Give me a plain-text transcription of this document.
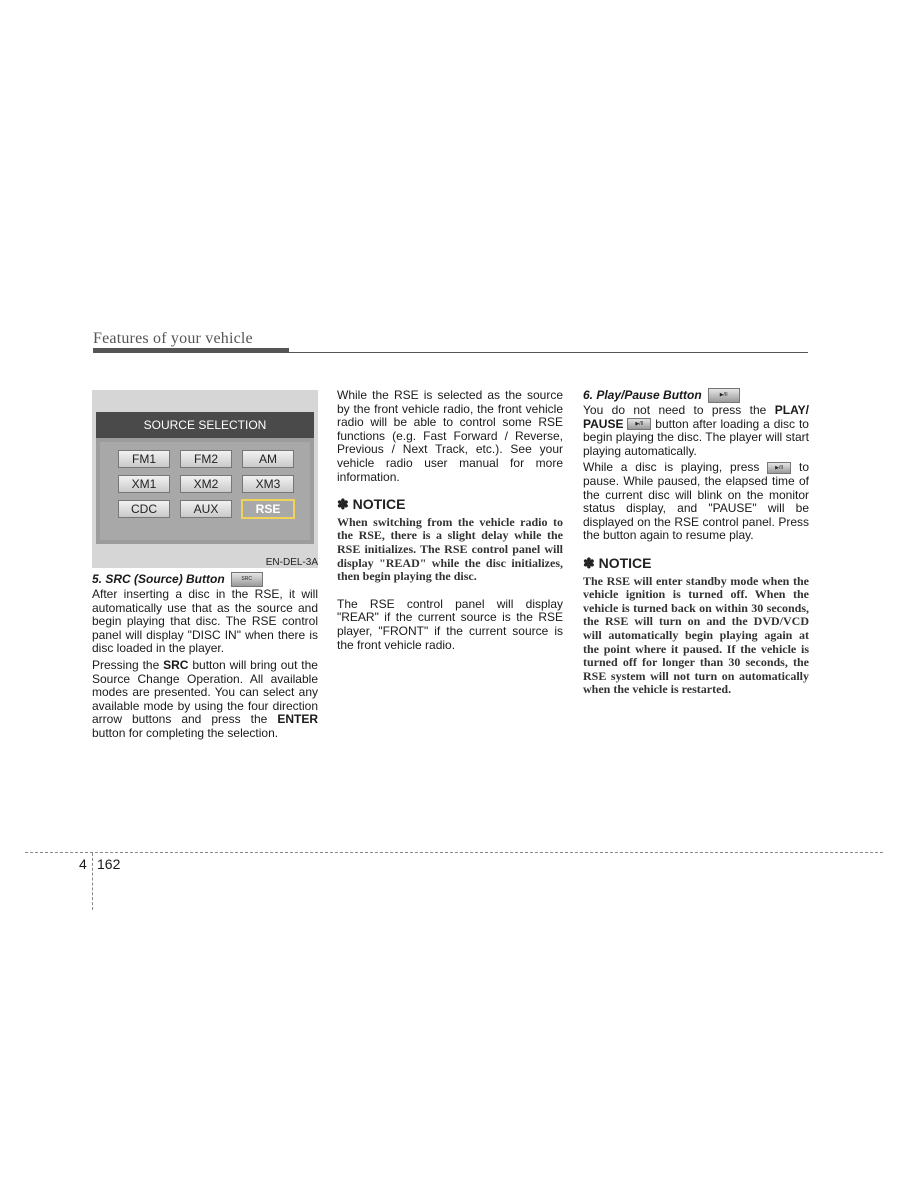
Features of your vehicle
SOURCE SELECTION
FM1	FM2	AM
XM1	XM2	XM3
CDC	AUX	RSE
EN-DEL-3A
5. SRC (Source) Button	SRC

After inserting a disc in the RSE, it will automatically use that as the source and begin playing that disc. The RSE control panel will display "DISC IN" when there is disc loaded in the player.

Pressing the SRC button will bring out the Source Change Operation. All available modes are presented. You can select any available mode by using the four direction arrow buttons and press the ENTER button for completing the selection.

While the RSE is selected as the source by the front vehicle radio, the front vehicle radio will be able to control some RSE functions (e.g. Fast Forward / Reverse, Previous / Next Track, etc.). See your vehicle radio user manual for more information.

✽ NOTICE
When switching from the vehicle radio to the RSE, there is a slight delay while the RSE initializes. The RSE control panel will display "READ" while the disc initializes, then begin playing the disc.

The RSE control panel will display "REAR" if the current source is the RSE player, "FRONT" if the current source is the front vehicle radio.

6. Play/Pause Button	▶/II

You do not need to press the PLAY/ PAUSE ▶/II button after loading a disc to begin playing the disc. The player will start playing automatically.

While a disc is playing, press ▶/II to pause. While paused, the elapsed time of the current disc will blink on the monitor status display, and "PAUSE" will be displayed on the RSE control panel. Press the button again to resume play.

✽ NOTICE
The RSE will enter standby mode when the vehicle ignition is turned off. When the vehicle is turned back on within 30 seconds, the RSE will turn on and the DVD/VCD will automatically begin playing again at the point where it paused. If the vehicle is turned off for longer than 30 seconds, the RSE system will not turn on automatically when the vehicle is restarted.
4 162
